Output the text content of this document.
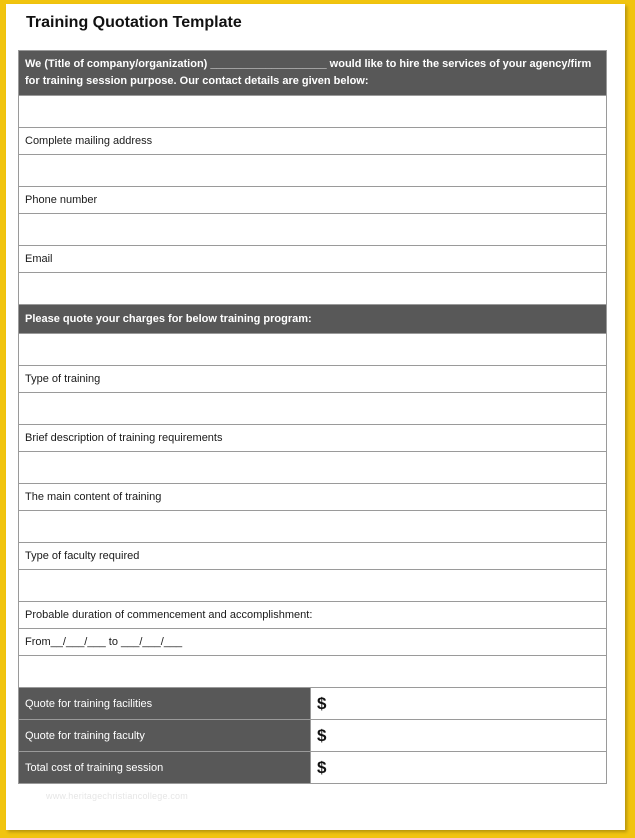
Training Quotation Template
We (Title of company/organization) ___________________ would like to hire the services of your agency/firm for training session purpose. Our contact details are given below:	

Complete mailing address	

Phone number	

Email	

Please quote your charges for below training program:	

Type of training	

Brief description of training requirements	

The main content of training	

Type of faculty required	

Probable duration of commencement and accomplishment:	
From__/___/___ to ___/___/___	

Quote for training facilities	$
Quote for training faculty	$
Total cost of training session	$
www.heritagechristiancollege.com
